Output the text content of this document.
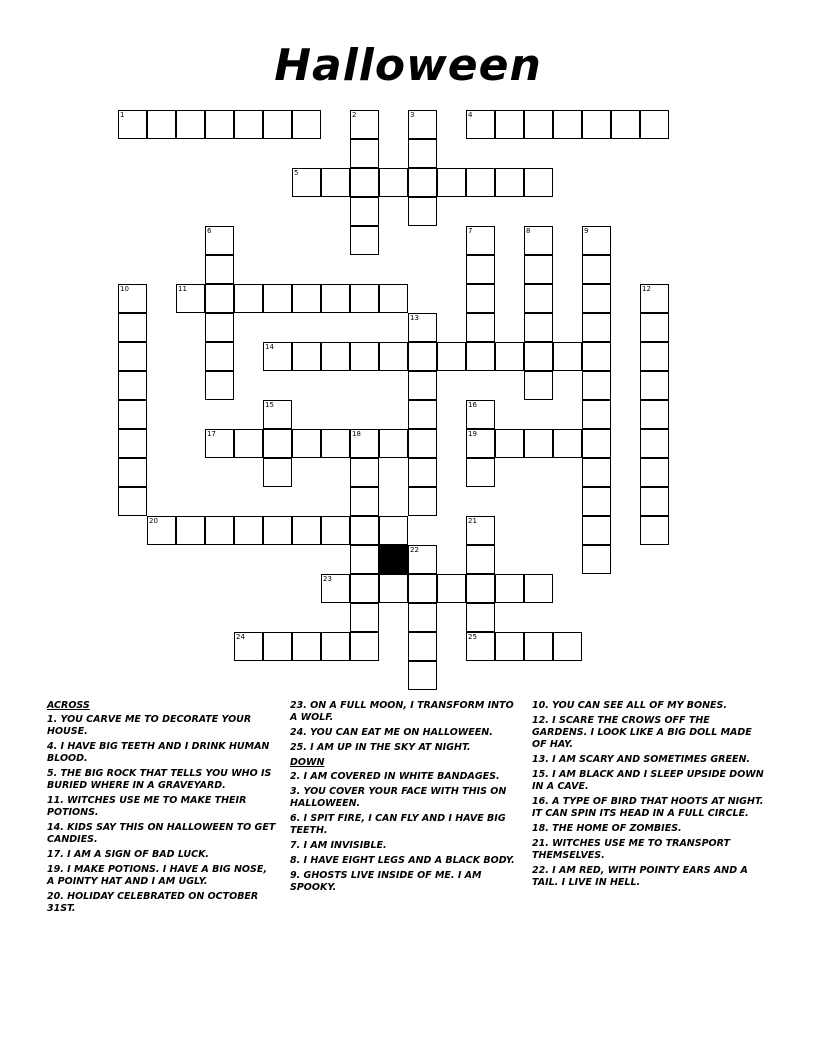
Halloween
1	2	3	4
5
6	7	8	9
10	11	12
13
14
15	16
17	18	19
20	21
22
23
24	25
ACROSS
1. YOU CARVE ME TO DECORATE YOUR HOUSE.
4. I HAVE BIG TEETH AND I DRINK HUMAN BLOOD.
5. THE BIG ROCK THAT TELLS YOU WHO IS BURIED WHERE IN A GRAVEYARD.
11. WITCHES USE ME TO MAKE THEIR POTIONS.
14. KIDS SAY THIS ON HALLOWEEN TO GET CANDIES.
17. I AM A SIGN OF BAD LUCK.
19. I MAKE POTIONS. I HAVE A BIG NOSE, A POINTY HAT AND I AM UGLY.
20. HOLIDAY CELEBRATED ON OCTOBER 31ST.
23. ON A FULL MOON, I TRANSFORM INTO A WOLF.
24. YOU CAN EAT ME ON HALLOWEEN.
25. I AM UP IN THE SKY AT NIGHT.
DOWN
2. I AM COVERED IN WHITE BANDAGES.
3. YOU COVER YOUR FACE WITH THIS ON HALLOWEEN.
6. I SPIT FIRE, I CAN FLY AND I HAVE BIG TEETH.
7. I AM INVISIBLE.
8. I HAVE EIGHT LEGS AND A BLACK BODY.
9. GHOSTS LIVE INSIDE OF ME. I AM SPOOKY.
10. YOU CAN SEE ALL OF MY BONES.
12. I SCARE THE CROWS OFF THE GARDENS. I LOOK LIKE A BIG DOLL MADE OF HAY.
13. I AM SCARY AND SOMETIMES GREEN.
15. I AM BLACK AND I SLEEP UPSIDE DOWN IN A CAVE.
16. A TYPE OF BIRD THAT HOOTS AT NIGHT. IT CAN SPIN ITS HEAD IN A FULL CIRCLE.
18. THE HOME OF ZOMBIES.
21. WITCHES USE ME TO TRANSPORT THEMSELVES.
22. I AM RED, WITH POINTY EARS AND A TAIL. I LIVE IN HELL.
